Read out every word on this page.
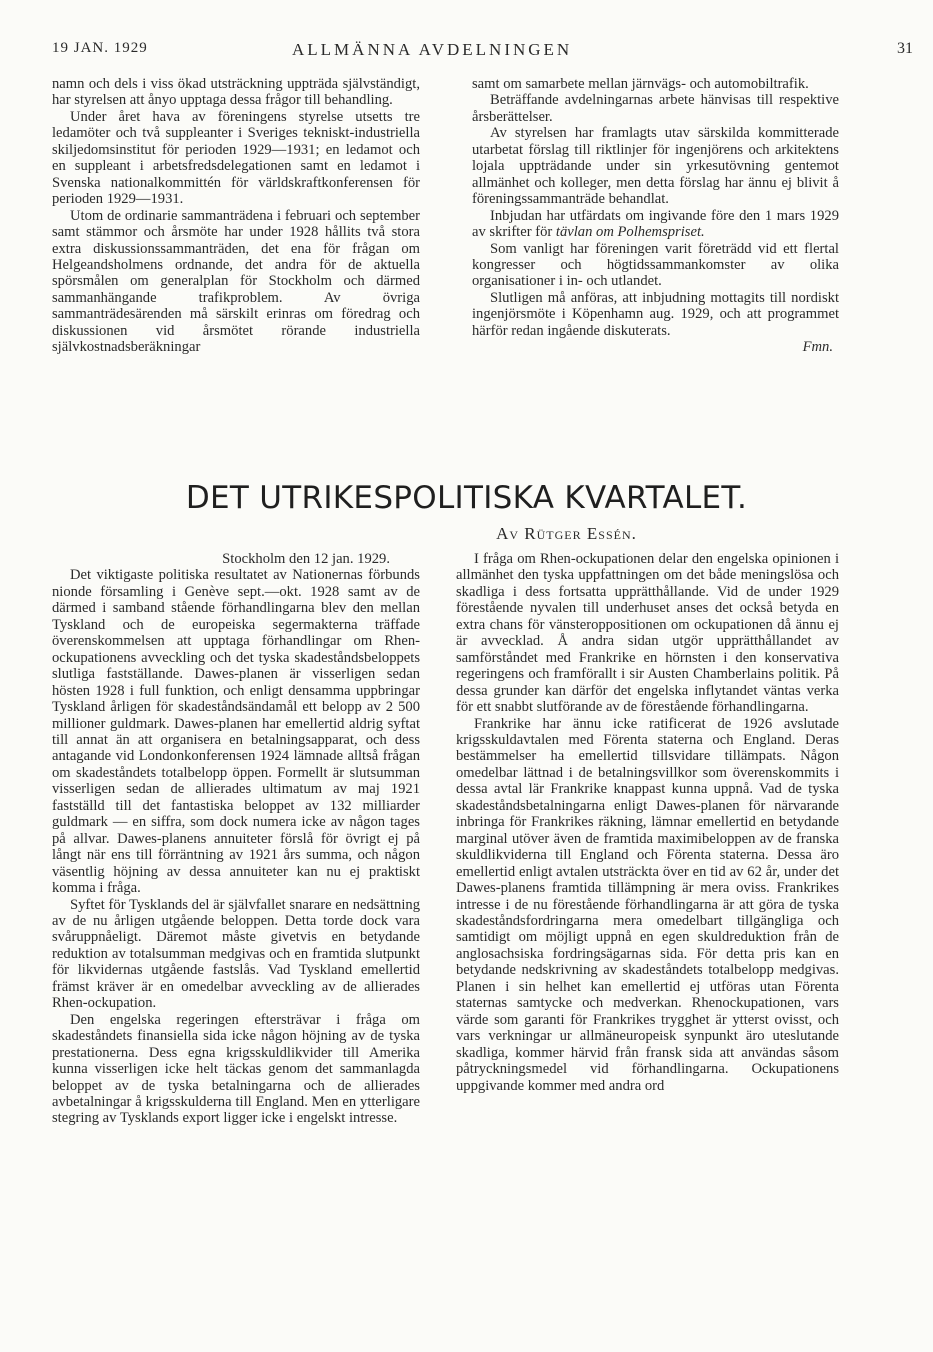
19 JAN. 1929	ALLMÄNNA AVDELNINGEN	31

namn och dels i viss ökad utsträckning uppträda självständigt, har styrelsen att ånyo upptaga dessa frågor till behandling.

Under året hava av föreningens styrelse utsetts tre ledamöter och två suppleanter i Sveriges tekniskt-industriella skiljedomsinstitut för perioden 1929—1931; en ledamot och en suppleant i arbetsfredsdelegationen samt en ledamot i Svenska nationalkommittén för världskraftkonferensen för perioden 1929—1931.

Utom de ordinarie sammanträdena i februari och september samt stämmor och årsmöte har under 1928 hållits två stora extra diskussionssammanträden, det ena för frågan om Helgeandsholmens ordnande, det andra för de aktuella spörsmålen om generalplan för Stockholm och därmed sammanhängande trafikproblem. Av övriga sammanträdesärenden må särskilt erinras om föredrag och diskussionen vid årsmötet rörande industriella självkostnadsberäkningar

samt om samarbete mellan järnvägs- och automobiltrafik.

Beträffande avdelningarnas arbete hänvisas till respektive årsberättelser.

Av styrelsen har framlagts utav särskilda kommitterade utarbetat förslag till riktlinjer för ingenjörens och arkitektens lojala uppträdande under sin yrkesutövning gentemot allmänhet och kolleger, men detta förslag har ännu ej blivit å föreningssammanträde behandlat.

Inbjudan har utfärdats om ingivande före den 1 mars 1929 av skrifter för tävlan om Polhemspriset.

Som vanligt har föreningen varit företrädd vid ett flertal kongresser och högtidssammankomster av olika organisationer i in- och utlandet.

Slutligen må anföras, att inbjudning mottagits till nordiskt ingenjörsmöte i Köpenhamn aug. 1929, och att programmet härför redan ingående diskuterats.

Fmn.

DET UTRIKESPOLITISKA KVARTALET.
Av Rütger Essén.

Stockholm den 12 jan. 1929.

Det viktigaste politiska resultatet av Nationernas förbunds nionde församling i Genève sept.—okt. 1928 samt av de därmed i samband stående förhandlingarna blev den mellan Tyskland och de europeiska segermakterna träffade överenskommelsen att upptaga förhandlingar om Rhen-ockupationens avveckling och det tyska skadeståndsbeloppets slutliga fastställande. Dawes-planen är visserligen sedan hösten 1928 i full funktion, och enligt densamma uppbringar Tyskland årligen för skadeståndsändamål ett belopp av 2 500 millioner guldmark. Dawes-planen har emellertid aldrig syftat till annat än att organisera en betalningsapparat, och dess antagande vid Londonkonferensen 1924 lämnade alltså frågan om skadeståndets totalbelopp öppen. Formellt är slutsumman visserligen sedan de allierades ultimatum av maj 1921 fastställd till det fantastiska beloppet av 132 milliarder guldmark — en siffra, som dock numera icke av någon tages på allvar. Dawes-planens annuiteter förslå för övrigt ej på långt när ens till förräntning av 1921 års summa, och någon väsentlig höjning av dessa annuiteter kan nu ej praktiskt komma i fråga.

Syftet för Tysklands del är självfallet snarare en nedsättning av de nu årligen utgående beloppen. Detta torde dock vara svåruppnåeligt. Däremot måste givetvis en betydande reduktion av totalsumman medgivas och en framtida slutpunkt för likvidernas utgående fastslås. Vad Tyskland emellertid främst kräver är en omedelbar avveckling av de allierades Rhen-ockupation.

Den engelska regeringen eftersträvar i fråga om skadeståndets finansiella sida icke någon höjning av de tyska prestationerna. Dess egna krigsskuldlikvider till Amerika kunna visserligen icke helt täckas genom det sammanlagda beloppet av de tyska betalningarna och de allierades avbetalningar å krigsskulderna till England. Men en ytterligare stegring av Tysklands export ligger icke i engelskt intresse.

I fråga om Rhen-ockupationen delar den engelska opinionen i allmänhet den tyska uppfattningen om det både meningslösa och skadliga i dess fortsatta upprätthållande. Vid de under 1929 förestående nyvalen till underhuset anses det också betyda en extra chans för vänsteroppositionen om ockupationen då ännu ej är avvecklad. Å andra sidan utgör upprätthållandet av samförståndet med Frankrike en hörnsten i den konservativa regeringens och framförallt i sir Austen Chamberlains politik. På dessa grunder kan därför det engelska inflytandet väntas verka för ett snabbt slutförande av de förestående förhandlingarna.

Frankrike har ännu icke ratificerat de 1926 avslutade krigsskuldavtalen med Förenta staterna och England. Deras bestämmelser ha emellertid tillsvidare tillämpats. Någon omedelbar lättnad i de betalningsvillkor som överenskommits i dessa avtal lär Frankrike knappast kunna uppnå. Vad de tyska skadeståndsbetalningarna enligt Dawes-planen för närvarande inbringa för Frankrikes räkning, lämnar emellertid en betydande marginal utöver även de framtida maximibeloppen av de franska skuldlikviderna till England och Förenta staterna. Dessa äro emellertid enligt avtalen utsträckta över en tid av 62 år, under det Dawes-planens framtida tillämpning är mera oviss. Frankrikes intresse i de nu förestående förhandlingarna är att göra de tyska skadeståndsfordringarna mera omedelbart tillgängliga och samtidigt om möjligt uppnå en egen skuldreduktion från de anglosachsiska fordringsägarnas sida. För detta pris kan en betydande nedskrivning av skadeståndets totalbelopp medgivas. Planen i sin helhet kan emellertid ej utföras utan Förenta staternas samtycke och medverkan. Rhenockupationen, vars värde som garanti för Frankrikes trygghet är ytterst ovisst, och vars verkningar ur allmäneuropeisk synpunkt äro uteslutande skadliga, kommer härvid från fransk sida att användas såsom påtryckningsmedel vid förhandlingarna. Ockupationens uppgivande kommer med andra ord
